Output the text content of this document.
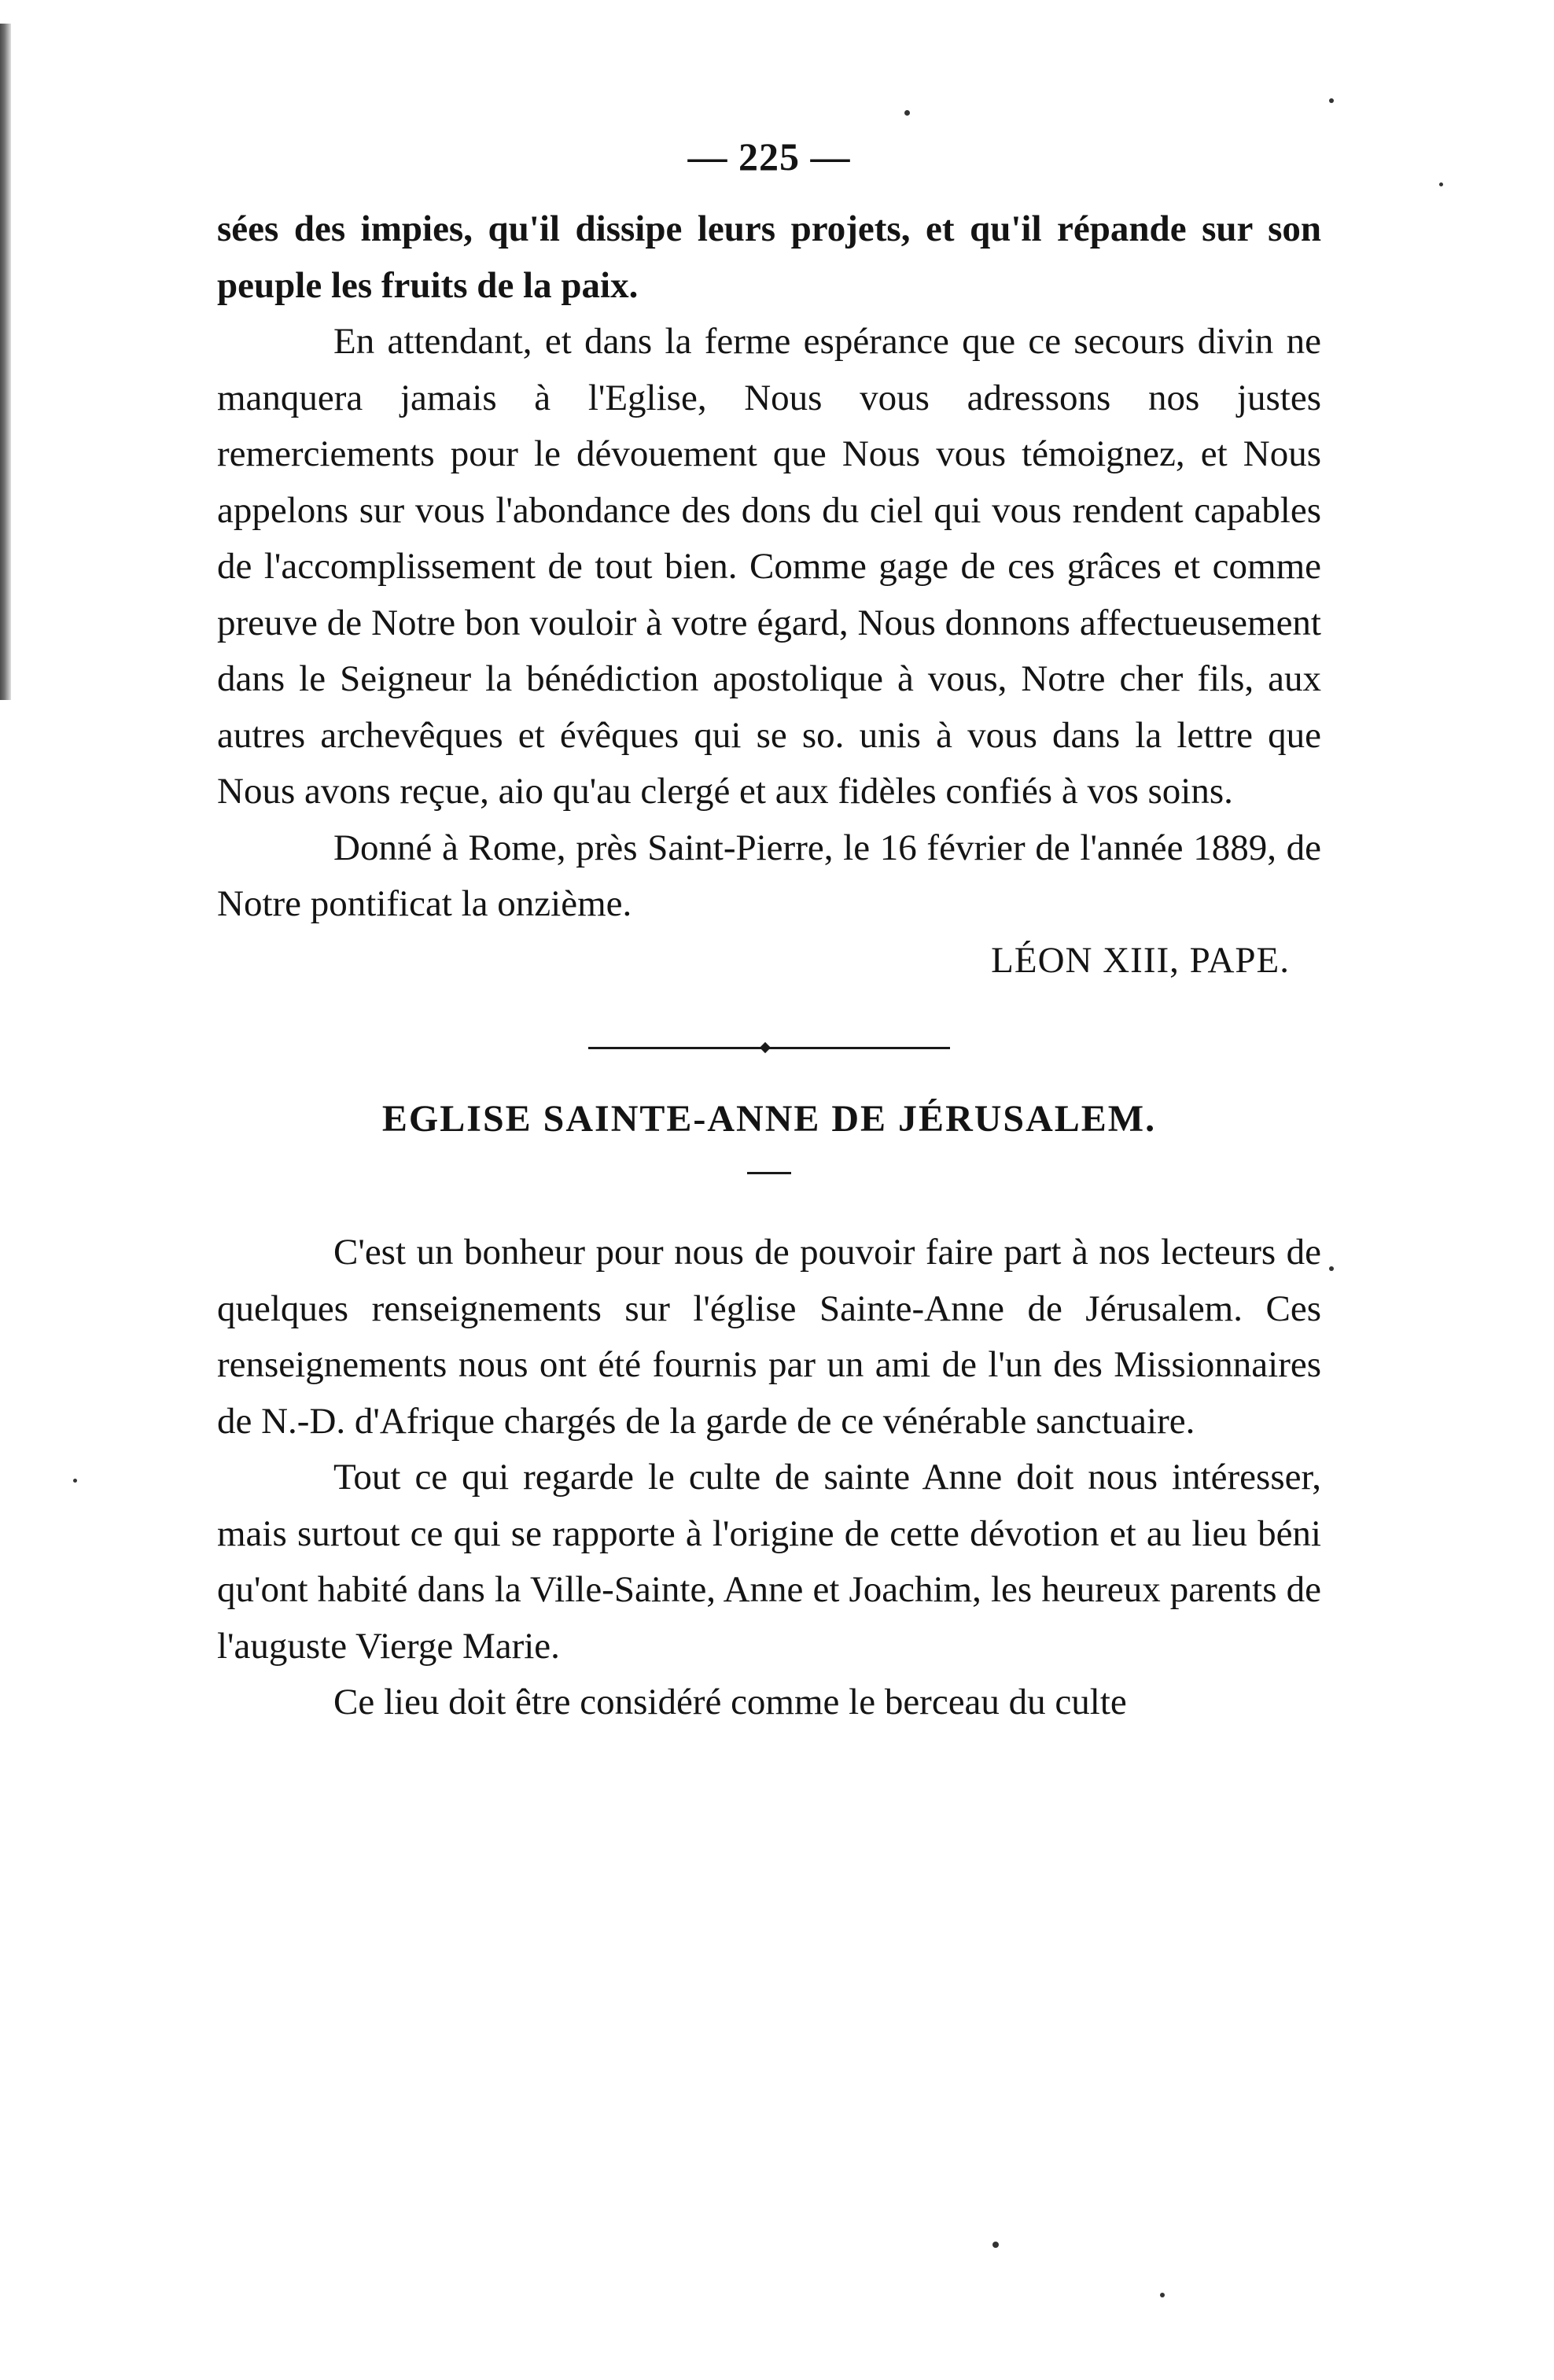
— 225 —

sées des impies, qu'il dissipe leurs projets, et qu'il répande sur son peuple les fruits de la paix.

En attendant, et dans la ferme espérance que ce secours divin ne manquera jamais à l'Eglise, Nous vous adressons nos justes remerciements pour le dévouement que Nous vous témoignez, et Nous appelons sur vous l'abondance des dons du ciel qui vous rendent capables de l'accomplissement de tout bien. Comme gage de ces grâces et comme preuve de Notre bon vouloir à votre égard, Nous donnons affectueusement dans le Seigneur la bénédiction apostolique à vous, Notre cher fils, aux autres archevêques et évêques qui se so. unis à vous dans la lettre que Nous avons reçue, aio qu'au clergé et aux fidèles confiés à vos soins.

Donné à Rome, près Saint-Pierre, le 16 février de l'année 1889, de Notre pontificat la onzième.

LÉON XIII, PAPE.

EGLISE SAINTE-ANNE DE JÉRUSALEM.

C'est un bonheur pour nous de pouvoir faire part à nos lecteurs de quelques renseignements sur l'église Sainte-Anne de Jérusalem. Ces renseignements nous ont été fournis par un ami de l'un des Missionnaires de N.-D. d'Afrique chargés de la garde de ce vénérable sanctuaire.

Tout ce qui regarde le culte de sainte Anne doit nous intéresser, mais surtout ce qui se rapporte à l'origine de cette dévotion et au lieu béni qu'ont habité dans la Ville-Sainte, Anne et Joachim, les heureux parents de l'auguste Vierge Marie.

Ce lieu doit être considéré comme le berceau du culte
